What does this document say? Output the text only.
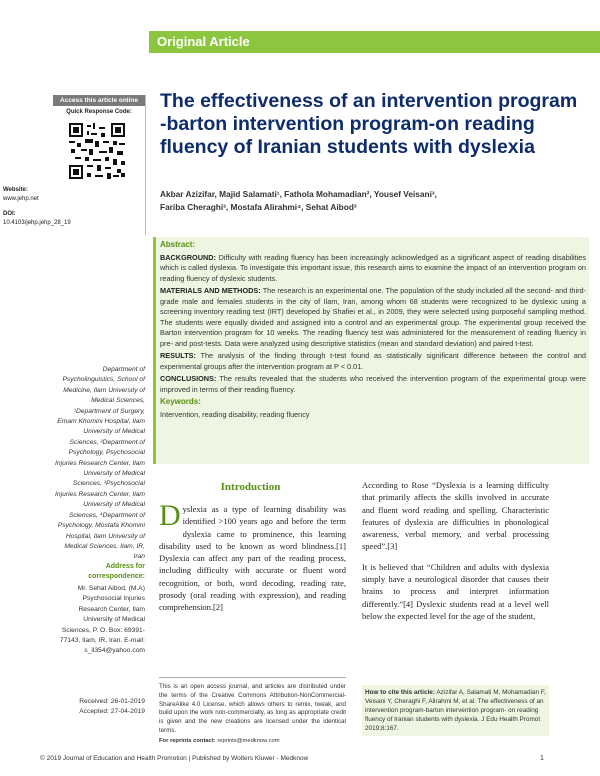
Original Article
Access this article online
Quick Response Code:
Website:
www.jehp.net
DOI:
10.4103/jehp.jehp_28_19
The effectiveness of an intervention program -barton intervention program-on reading fluency of Iranian students with dyslexia
Akbar Azizifar, Majid Salamati¹, Fathola Mohamadian², Yousef Veisani³,
Fariba Cheraghi³, Mostafa Alirahmi⁴, Sehat Aibod³
Abstract:

BACKGROUND: Difficulty with reading fluency has been increasingly acknowledged as a significant aspect of reading disabilities which is called dyslexia. To investigate this important issue, this research aims to examine the impact of an intervention program on reading fluency of dyslexic students.

MATERIALS AND METHODS: The research is an experimental one. The population of the study included all the second- and third-grade male and females students in the city of Ilam, Iran, among whom 68 students were recognized to be dyslexic using a screening inventory reading test (IRT) developed by Shafiei et al., in 2009, they were selected using purposeful sampling method. The students were equally divided and assigned into a control and an experimental group. The experimental group received the Barton intervention program for 10 weeks. The reading fluency test was administered for the measurement of reading fluency in pre- and post-tests. Data were analyzed using descriptive statistics (mean and standard deviation) and paired t-test.

RESULTS: The analysis of the finding through t-test found as statistically significant difference between the control and experimental groups after the intervention program at P < 0.01.

CONCLUSIONS: The results revealed that the students who received the intervention program of the experimental group were improved in terms of their reading fluency.

Keywords:

Intervention, reading disability, reading fluency

Department of Psycholinguistics, School of Medicine, Ilam University of Medical Sciences, ¹Department of Surgery, Emam Khomini Hospital, Ilam University of Medical Sciences, ²Department of Psychology, Psychosocial Injuries Research Center, Ilam University of Medical Sciences, ³Psychosocial Injuries Research Center, Ilam University of Medical Sciences, ⁴Department of Psychology, Mostafa Khomini Hospital, Ilam University of Medical Sciences, Ilam, IR, Iran
Address for correspondence:
Mr. Sehat Aibod, (M.A) Psychosocial Injuries Research Center, Ilam University of Medical Sciences, P. O. Box: 69391-77143, Ilam, IR, Iran. E-mail: s_il354@yahoo.com
Received: 26-01-2019
Accepted: 27-04-2019
Introduction
Dyslexia as a type of learning disability was identified >100 years ago and before the term dyslexia came to prominence, this learning disability used to be known as word blindness.[1] Dyslexia can affect any part of the reading process, including difficulty with accurate or fluent word recognition, or both, word decoding, reading rate, prosody (oral reading with expression), and reading comprehension.[2]
This is an open access journal, and articles are distributed under the terms of the Creative Commons Attribution-NonCommercial-ShareAlike 4.0 License, which allows others to remix, tweak, and build upon the work non-commercially, as long as appropriate credit is given and the new creations are licensed under the identical terms.
For reprints contact: reprints@medknow.com

According to Rose “Dyslexia is a learning difficulty that primarily affects the skills involved in accurate and fluent word reading and spelling. Characteristic features of dyslexia are difficulties in phonological awareness, verbal memory, and verbal processing speed”.[3]

It is believed that “Children and adults with dyslexia simply have a neurological disorder that causes their brains to process and interpret information differently.”[4] Dyslexic students read at a level well below the expected level for the age of the student,

How to cite this article: Azizifar A, Salamati M, Mohamadian F, Veisani Y, Cheraghi F, Alirahmi M, et al. The effectiveness of an intervention program-barton intervention program- on reading fluency of Iranian students with dyslexia. J Edu Health Promot 2019;8:167.
© 2019 Journal of Education and Health Promotion | Published by Wolters Kluwer - Medknow	1
